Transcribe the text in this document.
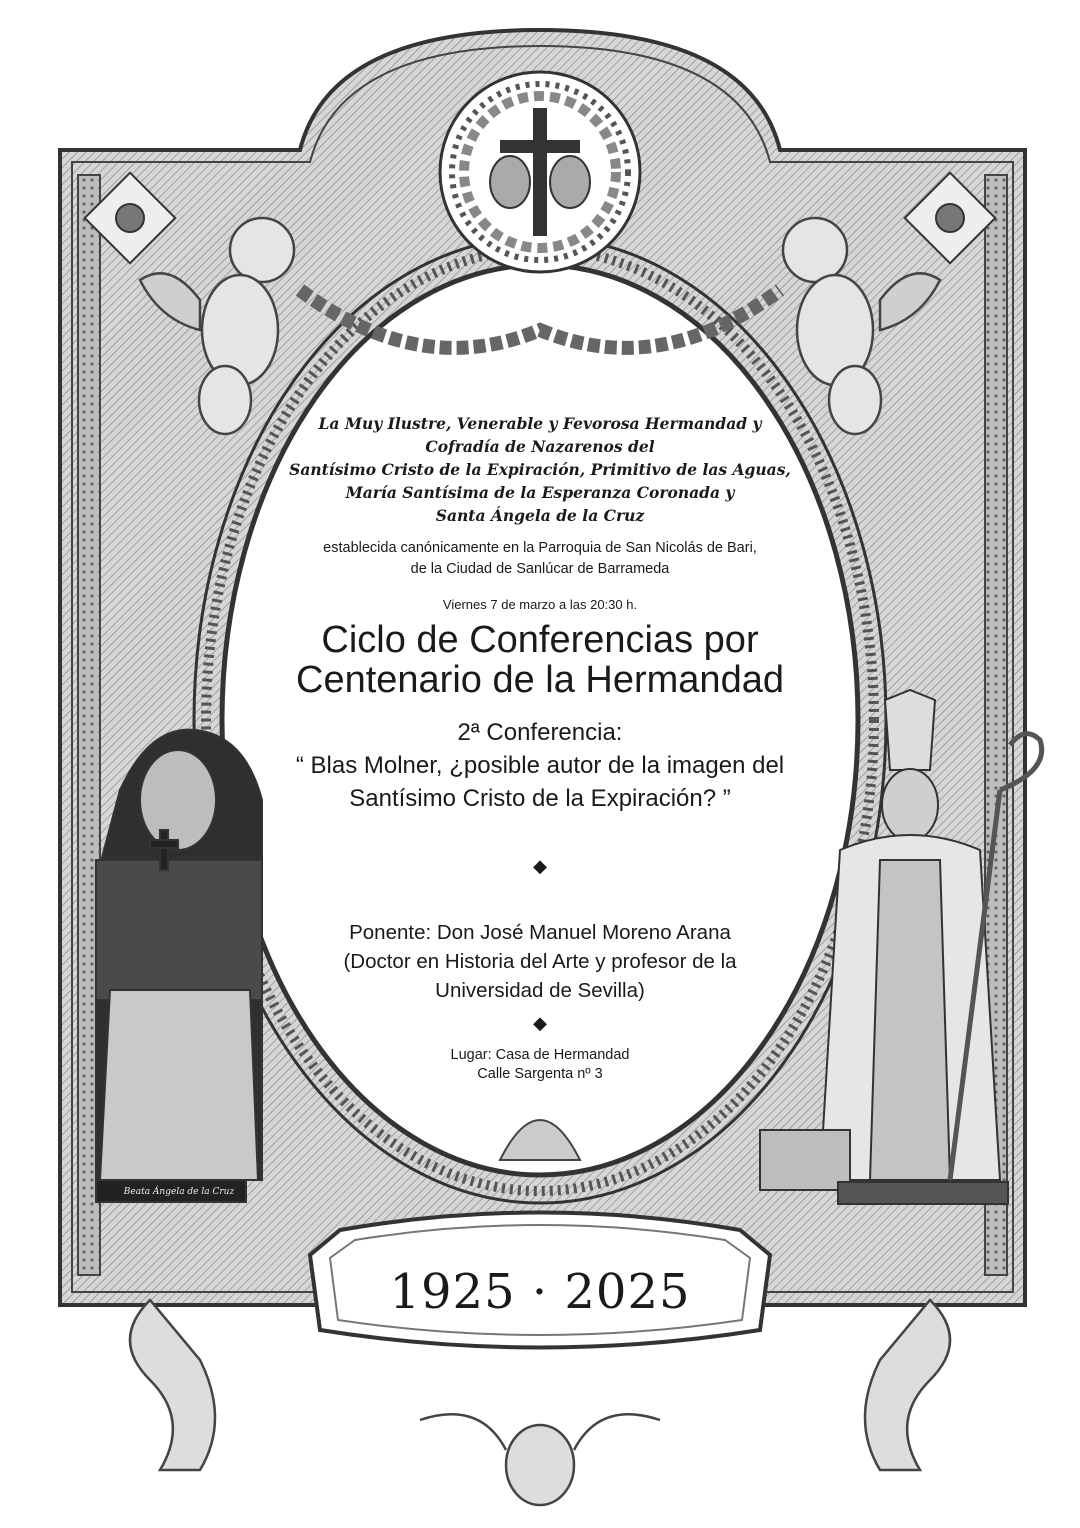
La Muy Ilustre, Venerable y Fevorosa Hermandad y
Cofradía de Nazarenos del
Santísimo Cristo de la Expiración, Primitivo de las Aguas,
María Santísima de la Esperanza Coronada y
Santa Ángela de la Cruz

establecida canónicamente en la Parroquia de San Nicolás de Bari,
de la Ciudad de Sanlúcar de Barrameda

Viernes 7 de marzo a las 20:30 h.

Ciclo de Conferencias por
Centenario de la Hermandad

2ª Conferencia:
“ Blas Molner, ¿posible autor de la imagen del
Santísimo Cristo de la Expiración? ”

◆

Ponente: Don José Manuel Moreno Arana
(Doctor en Historia del Arte y profesor de la
Universidad de Sevilla)

◆

Lugar: Casa de Hermandad
Calle Sargenta nº 3

1925 · 2025

Beata Ángela de la Cruz
